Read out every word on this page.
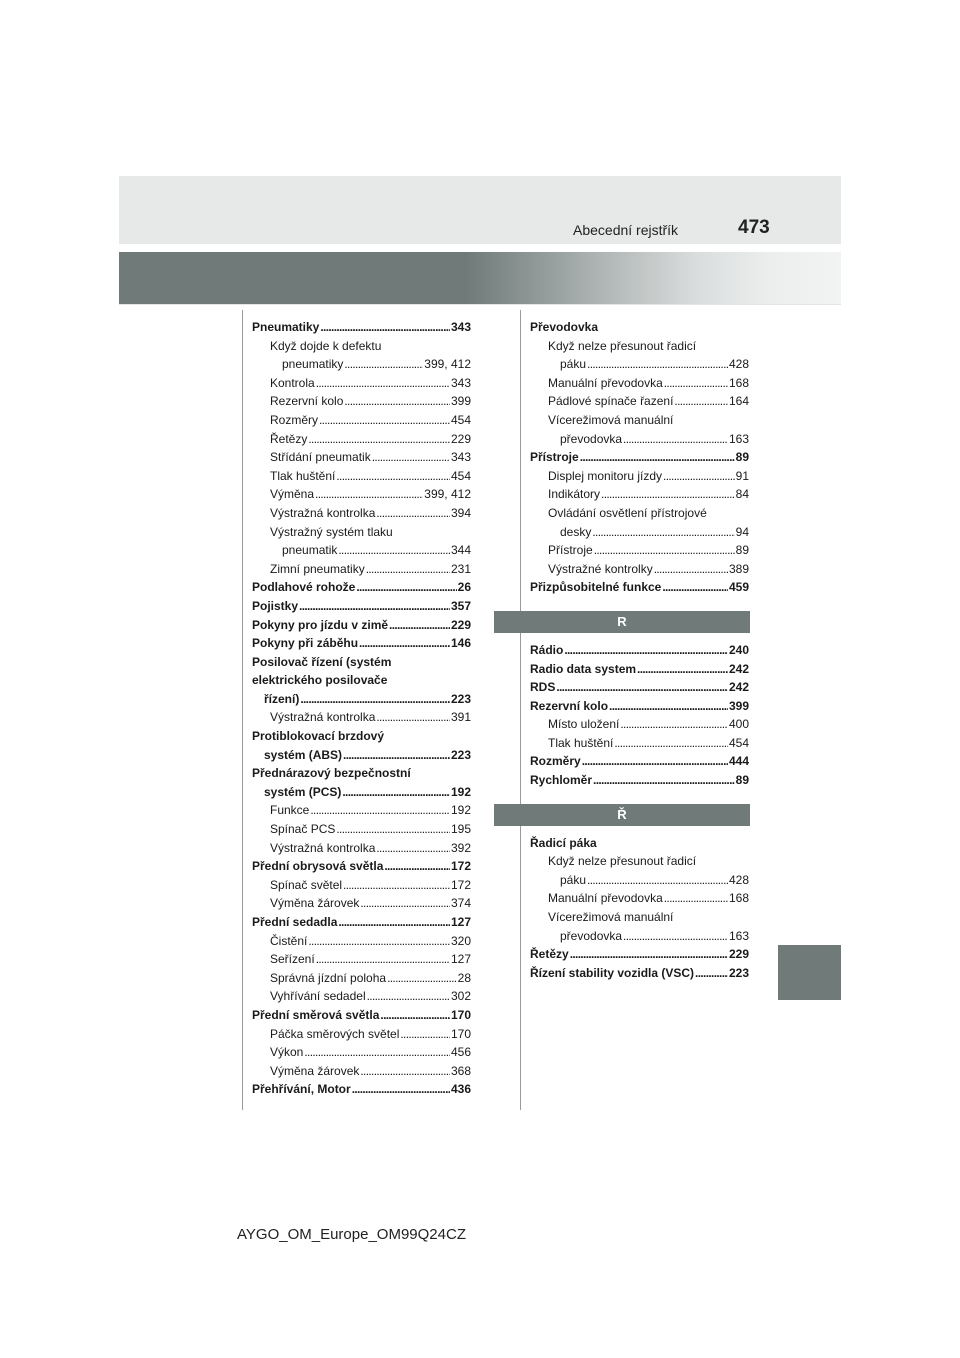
Abecední rejstřík	473
Pneumatiky . . .	343
Když dojde k defektu
pneumatiky . . .	399, 412
Kontrola . . .	343
Rezervní kolo . . .	399
Rozměry . . .	454
Řetězy . . .	229
Střídání pneumatik . . .	343
Tlak huštění . . .	454
Výměna . . .	399, 412
Výstražná kontrolka . . .	394
Výstražný systém tlaku
pneumatik . . .	344
Zimní pneumatiky . . .	231
Podlahové rohože . . .	26
Pojistky . . .	357
Pokyny pro jízdu v zimě . . .	229
Pokyny při záběhu . . .	146
Posilovač řízení (systém
elektrického posilovače
řízení) . . .	223
Výstražná kontrolka . . .	391
Protiblokovací brzdový
systém (ABS) . . .	223
Přednárazový bezpečnostní
systém (PCS) . . .	192
Funkce . . .	192
Spínač PCS . . .	195
Výstražná kontrolka . . .	392
Přední obrysová světla . . .	172
Spínač světel . . .	172
Výměna žárovek . . .	374
Přední sedadla . . .	127
Čistění . . .	320
Seřízení . . .	127
Správná jízdní poloha . . .	28
Vyhřívání sedadel . . .	302
Přední směrová světla . . .	170
Páčka směrových světel . . .	170
Výkon . . .	456
Výměna žárovek . . .	368
Přehřívání, Motor . . .	436
Převodovka
Když nelze přesunout řadicí
páku . . .	428
Manuální převodovka . . .	168
Pádlové spínače řazení . . .	164
Vícerežimová manuální
převodovka . . .	163
Přístroje . . .	89
Displej monitoru jízdy . . .	91
Indikátory . . .	84
Ovládání osvětlení přístrojové
desky . . .	94
Přístroje . . .	89
Výstražné kontrolky . . .	389
Přizpůsobitelné funkce . . .	459
R
Rádio . . .	240
Radio data system . . .	242
RDS . . .	242
Rezervní kolo . . .	399
Místo uložení . . .	400
Tlak huštění . . .	454
Rozměry . . .	444
Rychloměr . . .	89
Ř
Řadicí páka
Když nelze přesunout řadicí
páku . . .	428
Manuální převodovka . . .	168
Vícerežimová manuální
převodovka . . .	163
Řetězy . . .	229
Řízení stability vozidla (VSC) . . .	223
AYGO_OM_Europe_OM99Q24CZ
